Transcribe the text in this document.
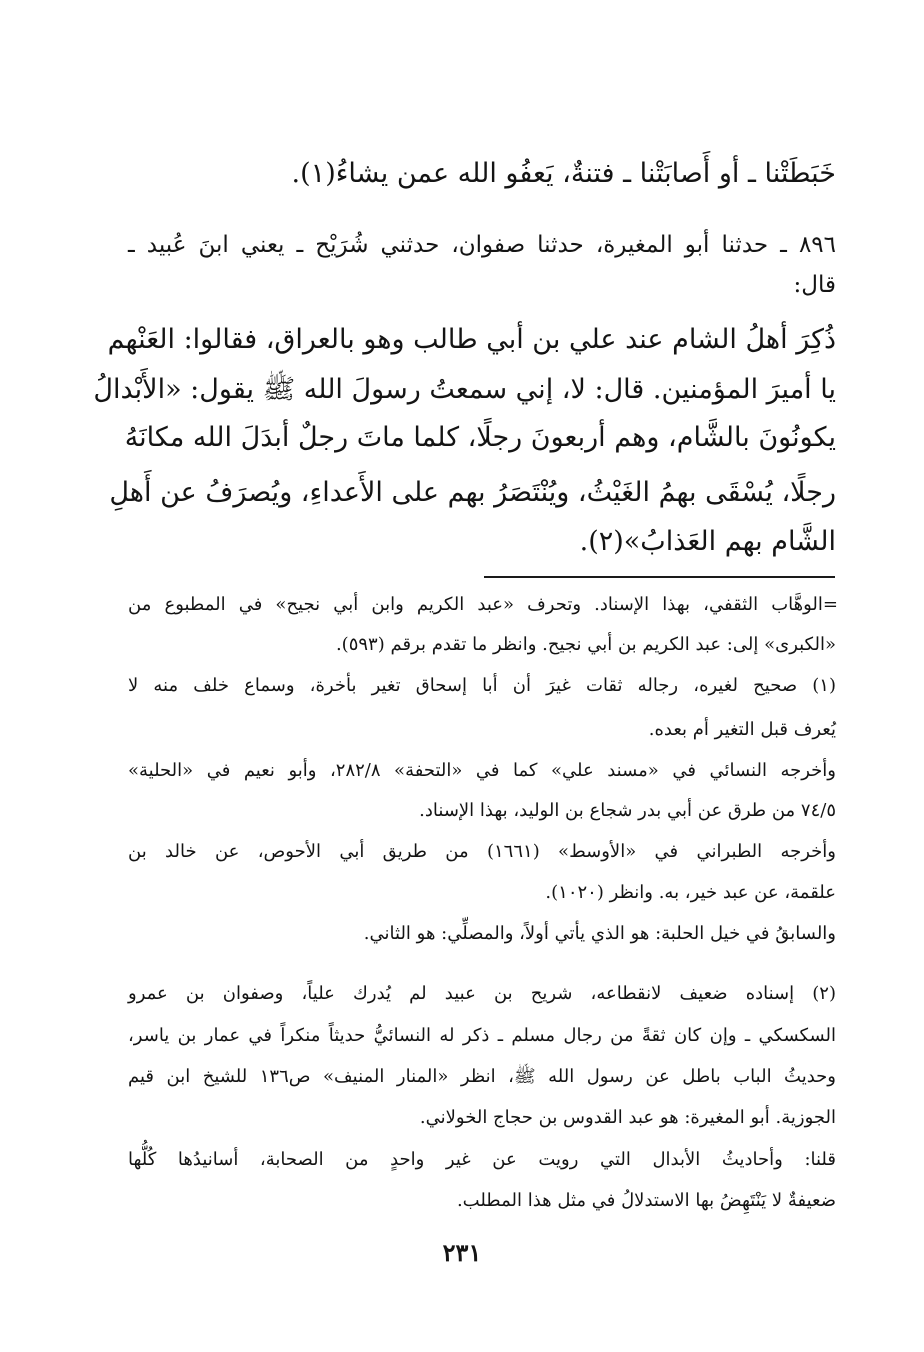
خَبَطَتْنا ـ أو أَصابَتْنا ـ فتنةٌ، يَعفُو الله عمن يشاءُ(١).
٨٩٦ ـ حدثنا أبو المغيرة، حدثنا صفوان، حدثني شُرَيْح ـ يعني ابنَ عُبيد ـ
قال:
ذُكِرَ أهلُ الشام عند علي بن أبي طالب وهو بالعراق، فقالوا: العَنْهم
يا أميرَ المؤمنين. قال: لا، إني سمعتُ رسولَ الله ﷺ يقول: «الأَبْدالُ
يكونُونَ بالشَّام، وهم أربعونَ رجلًا، كلما ماتَ رجلٌ أبدَلَ الله مكانَهُ
رجلًا، يُسْقَى بهمُ الغَيْثُ، ويُنْتَصَرُ بهم على الأَعداءِ، ويُصرَفُ عن أَهلِ
الشَّام بهم العَذابُ»(٢).
=الوهَّاب الثقفي، بهذا الإسناد. وتحرف «عبد الكريم وابن أبي نجيح» في المطبوع من
«الكبرى» إلى: عبد الكريم بن أبي نجيح. وانظر ما تقدم برقم (٥٩٣).
(١) صحيح لغيره، رجاله ثقات غيرَ أن أبا إسحاق تغير بأخرة، وسماع خلف منه لا
يُعرف قبل التغير أم بعده.
وأخرجه النسائي في «مسند علي» كما في «التحفة» ٢٨٢/٨، وأبو نعيم في «الحلية»
٧٤/٥ من طرق عن أبي بدر شجاع بن الوليد، بهذا الإسناد.
وأخرجه الطبراني في «الأوسط» (١٦٦١) من طريق أبي الأحوص، عن خالد بن
علقمة، عن عبد خير، به. وانظر (١٠٢٠).
والسابقُ في خيل الحلبة: هو الذي يأتي أولاً، والمصلِّي: هو الثاني.
(٢) إسناده ضعيف لانقطاعه، شريح بن عبيد لم يُدرك علياً، وصفوان بن عمرو
السكسكي ـ وإن كان ثقةً من رجال مسلم ـ ذكر له النسائيُّ حديثاً منكراً في عمار بن ياسر،
وحديثُ الباب باطل عن رسول الله ﷺ، انظر «المنار المنيف» ص١٣٦ للشيخ ابن قيم
الجوزية. أبو المغيرة: هو عبد القدوس بن حجاج الخولاني.
قلنا: وأحاديثُ الأبدال التي رويت عن غير واحدٍ من الصحابة، أسانيدُها كُلُّها
ضعيفةٌ لا يَنْتَهِضُ بها الاستدلالُ في مثل هذا المطلب.
٢٣١
